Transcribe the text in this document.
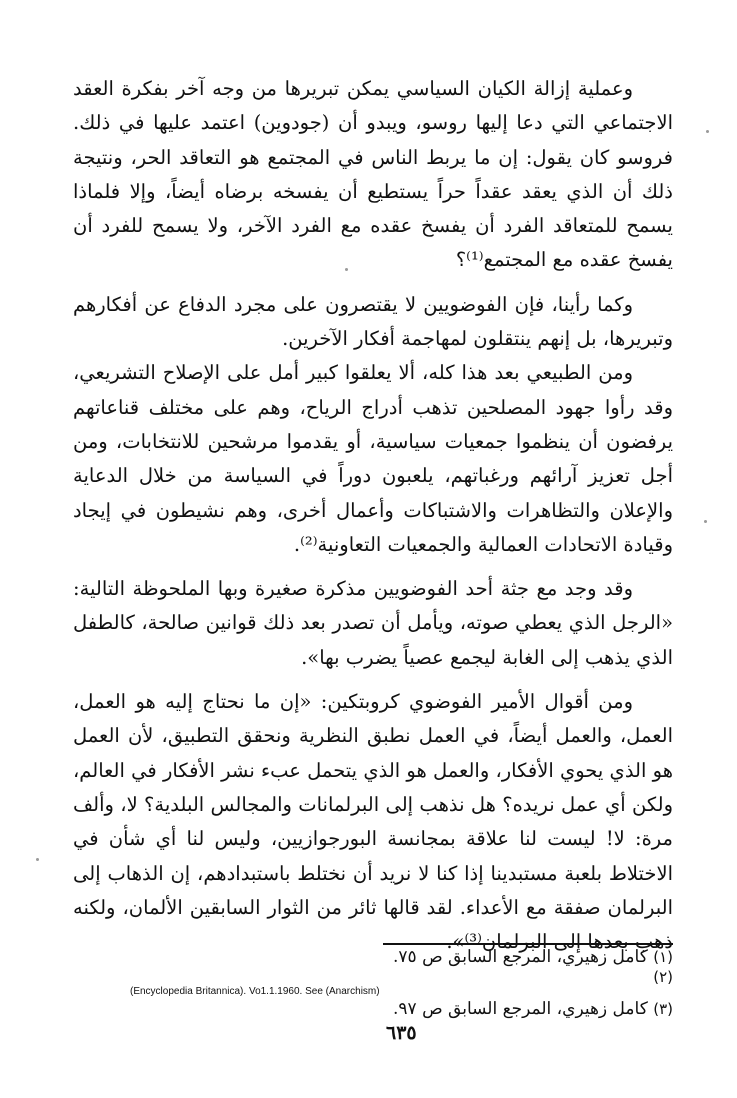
وعملية إزالة الكيان السياسي يمكن تبريرها من وجه آخر بفكرة العقد الاجتماعي التي دعا إليها روسو، ويبدو أن (جودوين) اعتمد عليها في ذلك. فروسو كان يقول: إن ما يربط الناس في المجتمع هو التعاقد الحر، ونتيجة ذلك أن الذي يعقد عقداً حراً يستطيع أن يفسخه برضاه أيضاً، وإلا فلماذا يسمح للمتعاقد الفرد أن يفسخ عقده مع الفرد الآخر، ولا يسمح للفرد أن يفسخ عقده مع المجتمع⁽¹⁾؟

وكما رأينا، فإن الفوضويين لا يقتصرون على مجرد الدفاع عن أفكارهم وتبريرها، بل إنهم ينتقلون لمهاجمة أفكار الآخرين.

ومن الطبيعي بعد هذا كله، ألا يعلقوا كبير أمل على الإصلاح التشريعي، وقد رأوا جهود المصلحين تذهب أدراج الرياح، وهم على مختلف قناعاتهم يرفضون أن ينظموا جمعيات سياسية، أو يقدموا مرشحين للانتخابات، ومن أجل تعزيز آرائهم ورغباتهم، يلعبون دوراً في السياسة من خلال الدعاية والإعلان والتظاهرات والاشتباكات وأعمال أخرى، وهم نشيطون في إيجاد وقيادة الاتحادات العمالية والجمعيات التعاونية⁽²⁾.

وقد وجد مع جثة أحد الفوضويين مذكرة صغيرة وبها الملحوظة التالية: «الرجل الذي يعطي صوته، ويأمل أن تصدر بعد ذلك قوانين صالحة، كالطفل الذي يذهب إلى الغابة ليجمع عصياً يضرب بها».

ومن أقوال الأمير الفوضوي كروبتكين: «إن ما نحتاج إليه هو العمل، العمل، والعمل أيضاً، في العمل نطبق النظرية ونحقق التطبيق، لأن العمل هو الذي يحوي الأفكار، والعمل هو الذي يتحمل عبء نشر الأفكار في العالم، ولكن أي عمل نريده؟ هل نذهب إلى البرلمانات والمجالس البلدية؟ لا، وألف مرة: لا! ليست لنا علاقة بمجانسة البورجوازيين، وليس لنا أي شأن في الاختلاط بلعبة مستبدينا إذا كنا لا نريد أن نختلط باستبدادهم، إن الذهاب إلى البرلمان صفقة مع الأعداء. لقد قالها ثائر من الثوار السابقين الألمان، ولكنه ذهب بعدها إلى البرلمان⁽³⁾».

(١) كامل زهيري، المرجع السابق ص ٧٥.
(٢)
(Encyclopedia Britannica). Vo1.1.1960. See (Anarchism)
(٣) كامل زهيري، المرجع السابق ص ٩٧.
٦٣٥
